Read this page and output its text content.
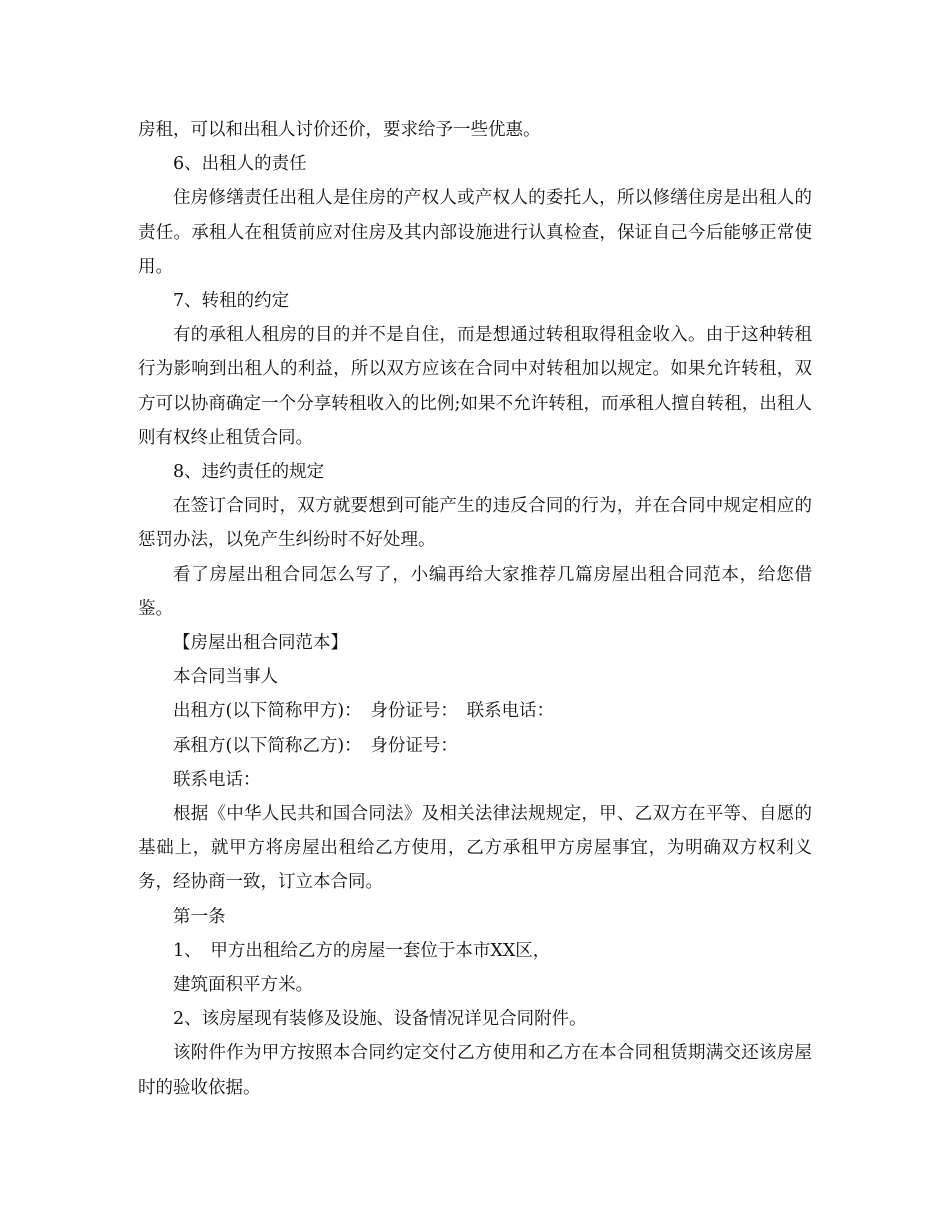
房租，可以和出租人讨价还价，要求给予一些优惠。

6、出租人的责任

住房修缮责任出租人是住房的产权人或产权人的委托人，所以修缮住房是出租人的责任。承租人在租赁前应对住房及其内部设施进行认真检查，保证自己今后能够正常使用。

7、转租的约定

有的承租人租房的目的并不是自住，而是想通过转租取得租金收入。由于这种转租行为影响到出租人的利益，所以双方应该在合同中对转租加以规定。如果允许转租，双方可以协商确定一个分享转租收入的比例;如果不允许转租，而承租人擅自转租，出租人则有权终止租赁合同。

8、违约责任的规定

在签订合同时，双方就要想到可能产生的违反合同的行为，并在合同中规定相应的惩罚办法，以免产生纠纷时不好处理。

看了房屋出租合同怎么写了，小编再给大家推荐几篇房屋出租合同范本，给您借鉴。

【房屋出租合同范本】

本合同当事人

出租方(以下简称甲方)：　身份证号：　联系电话：

承租方(以下简称乙方)：　身份证号：

联系电话：

根据《中华人民共和国合同法》及相关法律法规规定，甲、乙双方在平等、自愿的基础上，就甲方将房屋出租给乙方使用，乙方承租甲方房屋事宜，为明确双方权利义务，经协商一致，订立本合同。

第一条

1、　甲方出租给乙方的房屋一套位于本市XX区，

建筑面积平方米。

2、该房屋现有装修及设施、设备情况详见合同附件。

该附件作为甲方按照本合同约定交付乙方使用和乙方在本合同租赁期满交还该房屋时的验收依据。
